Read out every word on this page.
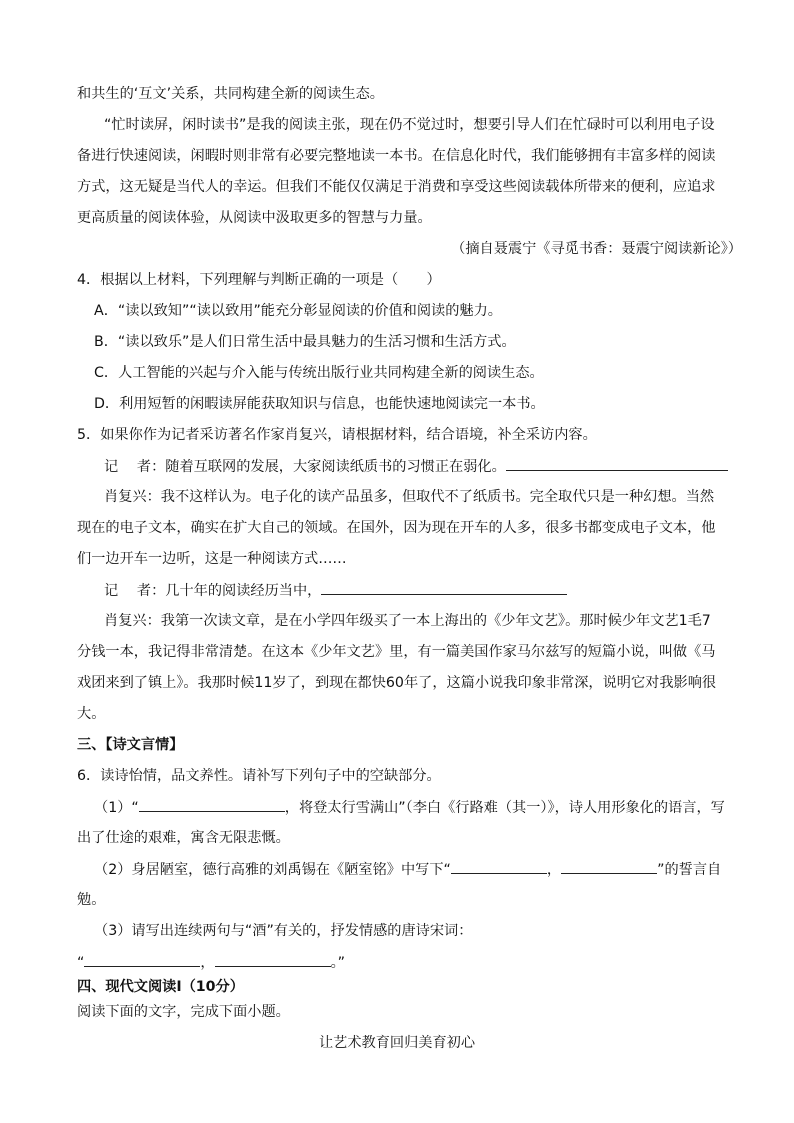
和共生的‘互文’关系，共同构建全新的阅读生态。
“忙时读屏，闲时读书”是我的阅读主张，现在仍不觉过时，想要引导人们在忙碌时可以利用电子设
备进行快速阅读，闲暇时则非常有必要完整地读一本书。在信息化时代，我们能够拥有丰富多样的阅读
方式，这无疑是当代人的幸运。但我们不能仅仅满足于消费和享受这些阅读载体所带来的便利，应追求
更高质量的阅读体验，从阅读中汲取更多的智慧与力量。
（摘自聂震宁《寻觅书香：聂震宁阅读新论》）
4．根据以上材料，下列理解与判断正确的一项是（　　）
A．“读以致知”“读以致用”能充分彰显阅读的价值和阅读的魅力。
B．“读以致乐”是人们日常生活中最具魅力的生活习惯和生活方式。
C．人工智能的兴起与介入能与传统出版行业共同构建全新的阅读生态。
D．利用短暂的闲暇读屏能获取知识与信息，也能快速地阅读完一本书。
5．如果你作为记者采访著名作家肖复兴，请根据材料，结合语境，补全采访内容。
记　 者：随着互联网的发展，大家阅读纸质书的习惯正在弱化。
肖复兴：我不这样认为。电子化的读产品虽多，但取代不了纸质书。完全取代只是一种幻想。当然
现在的电子文本，确实在扩大自己的领域。在国外，因为现在开车的人多，很多书都变成电子文本，他
们一边开车一边听，这是一种阅读方式……
记　 者：几十年的阅读经历当中，
肖复兴：我第一次读文章，是在小学四年级买了一本上海出的《少年文艺》。那时候少年文艺1毛7
分钱一本，我记得非常清楚。在这本《少年文艺》里，有一篇美国作家马尔兹写的短篇小说，叫做《马
戏团来到了镇上》。我那时候11岁了，到现在都快60年了，这篇小说我印象非常深，说明它对我影响很
大。
三、【诗文言情】
6．读诗怡情，品文养性。请补写下列句子中的空缺部分。
（1）“	，将登太行雪满山”（李白《行路难（其一）》，诗人用形象化的语言，写
出了仕途的艰难，寓含无限悲慨。
（2）身居陋室，德行高雅的刘禹锡在《陋室铭》中写下“	，	”的誓言自
勉。
（3）请写出连续两句与“酒”有关的，抒发情感的唐诗宋词：
“	，	。”
四、现代文阅读Ⅰ（10分）
阅读下面的文字，完成下面小题。
让艺术教育回归美育初心
